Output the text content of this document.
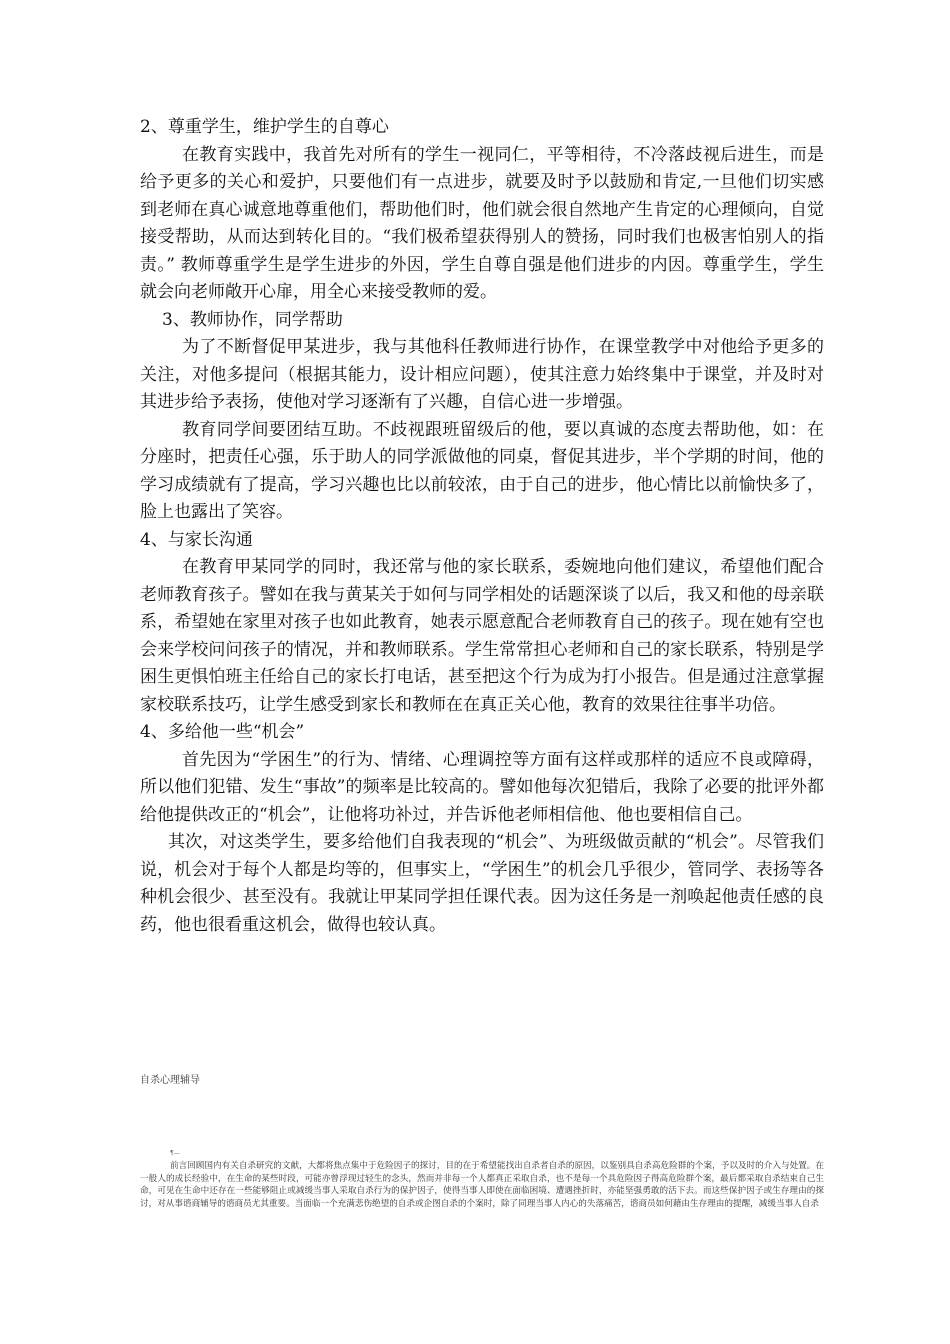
2、尊重学生，维护学生的自尊心

在教育实践中，我首先对所有的学生一视同仁，平等相待，不冷落歧视后进生，而是给予更多的关心和爱护，只要他们有一点进步，就要及时予以鼓励和肯定,一旦他们切实感到老师在真心诚意地尊重他们，帮助他们时，他们就会很自然地产生肯定的心理倾向，自觉接受帮助，从而达到转化目的。“我们极希望获得别人的赞扬，同时我们也极害怕别人的指责。” 教师尊重学生是学生进步的外因，学生自尊自强是他们进步的内因。尊重学生，学生就会向老师敞开心扉，用全心来接受教师的爱。

3、教师协作，同学帮助

为了不断督促甲某进步，我与其他科任教师进行协作，在课堂教学中对他给予更多的关注，对他多提问（根据其能力，设计相应问题），使其注意力始终集中于课堂，并及时对其进步给予表扬，使他对学习逐渐有了兴趣，自信心进一步增强。

教育同学间要团结互助。不歧视跟班留级后的他，要以真诚的态度去帮助他，如：在分座时，把责任心强，乐于助人的同学派做他的同桌，督促其进步，半个学期的时间，他的学习成绩就有了提高，学习兴趣也比以前较浓，由于自己的进步，他心情比以前愉快多了，脸上也露出了笑容。

4、与家长沟通

在教育甲某同学的同时，我还常与他的家长联系，委婉地向他们建议，希望他们配合老师教育孩子。譬如在我与黄某关于如何与同学相处的话题深谈了以后，我又和他的母亲联系，希望她在家里对孩子也如此教育，她表示愿意配合老师教育自己的孩子。现在她有空也会来学校问问孩子的情况，并和教师联系。学生常常担心老师和自己的家长联系，特别是学困生更惧怕班主任给自己的家长打电话，甚至把这个行为成为打小报告。但是通过注意掌握家校联系技巧，让学生感受到家长和教师在在真正关心他，教育的效果往往事半功倍。

4、多给他一些“机会”

首先因为“学困生”的行为、情绪、心理调控等方面有这样或那样的适应不良或障碍，所以他们犯错、发生“事故”的频率是比较高的。譬如他每次犯错后，我除了必要的批评外都给他提供改正的“机会”，让他将功补过，并告诉他老师相信他、他也要相信自己。

其次，对这类学生，要多给他们自我表现的“机会”、为班级做贡献的“机会”。尽管我们说，机会对于每个人都是均等的，但事实上，“学困生”的机会几乎很少，管同学、表扬等各种机会很少、甚至没有。我就让甲某同学担任课代表。因为这任务是一剂唤起他责任感的良药，他也很看重这机会，做得也较认真。

自杀心理辅导
¶—

前言回顾国内有关自杀研究的文献，大都将焦点集中于危险因子的探讨，目的在于希望能找出自杀者自杀的原因，以鉴别具自杀高危险群的个案，予以及时的介入与处置。在一般人的成长经验中，在生命的某些时段，可能亦曾浮现过轻生的念头，然而并非每一个人都真正采取自杀，也不是每一个具危险因子得高危险群个案，最后都采取自杀结束自己生命，可见在生命中还存在一些能够阻止或减缓当事人采取自杀行为的保护因子，使得当事人即使在面临困境、遭遇挫折时，亦能坚强勇敢的活下去。而这些保护因子或生存理由的探讨，对从事谘商辅导的谘商员尤其重要。当面临一个充满悲伤绝望的自杀或企图自杀的个案时，除了同理当事人内心的失落痛苦，谘商员如何藉由生存理由的提醒，减缓当事人自杀
